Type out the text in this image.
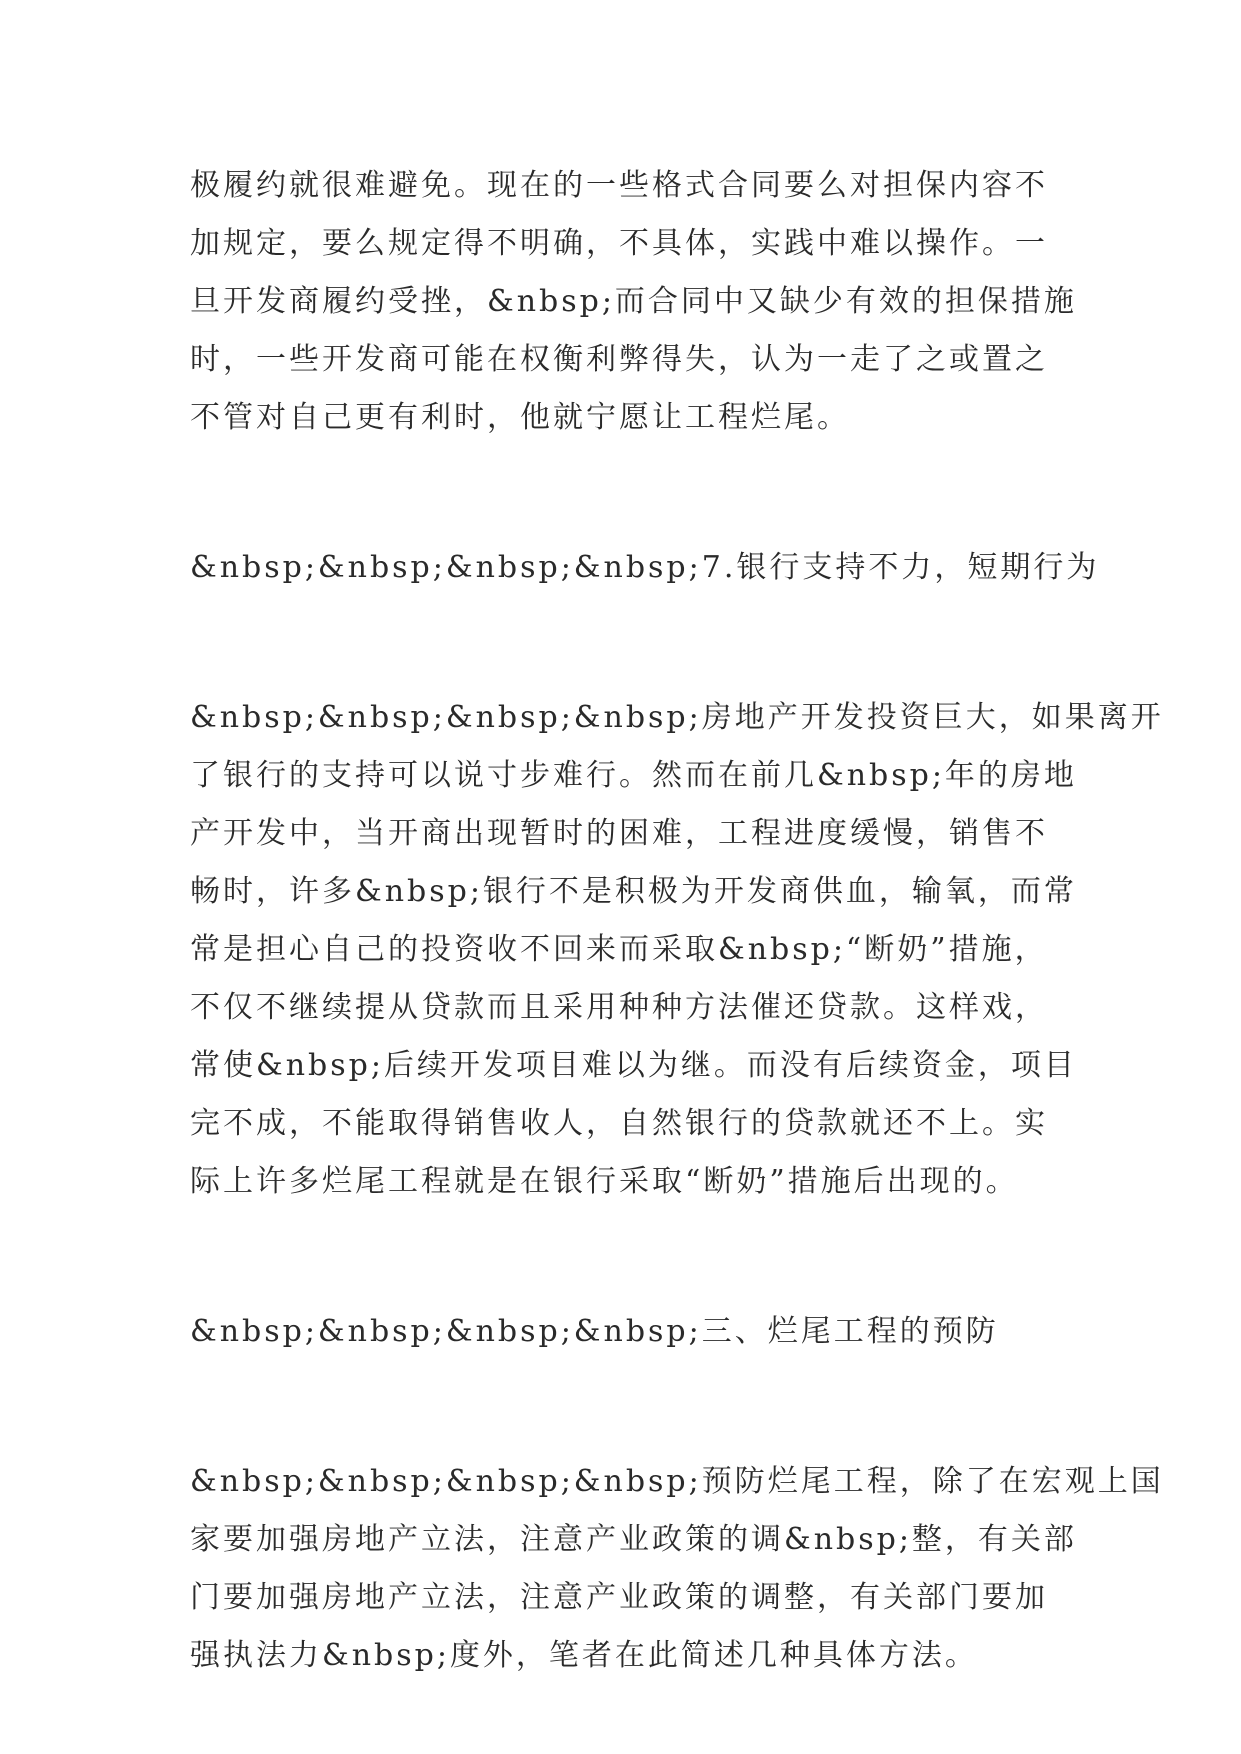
极履约就很难避免。现在的一些格式合同要么对担保内容不
加规定，要么规定得不明确，不具体，实践中难以操作。一
旦开发商履约受挫，&nbsp;而合同中又缺少有效的担保措施
时，一些开发商可能在权衡利弊得失，认为一走了之或置之
不管对自己更有利时，他就宁愿让工程烂尾。
&nbsp;&nbsp;&nbsp;&nbsp;7.银行支持不力，短期行为
&nbsp;&nbsp;&nbsp;&nbsp;房地产开发投资巨大，如果离开
了银行的支持可以说寸步难行。然而在前几&nbsp;年的房地
产开发中，当开商出现暂时的困难，工程进度缓慢，销售不
畅时，许多&nbsp;银行不是积极为开发商供血，输氧，而常
常是担心自己的投资收不回来而采取&nbsp;“断奶”措施，
不仅不继续提从贷款而且采用种种方法催还贷款。这样戏，
常使&nbsp;后续开发项目难以为继。而没有后续资金，项目
完不成，不能取得销售收人，自然银行的贷款就还不上。实
际上许多烂尾工程就是在银行采取“断奶”措施后出现的。
&nbsp;&nbsp;&nbsp;&nbsp;三、烂尾工程的预防
&nbsp;&nbsp;&nbsp;&nbsp;预防烂尾工程，除了在宏观上国
家要加强房地产立法，注意产业政策的调&nbsp;整，有关部
门要加强房地产立法，注意产业政策的调整，有关部门要加
强执法力&nbsp;度外，笔者在此简述几种具体方法。
